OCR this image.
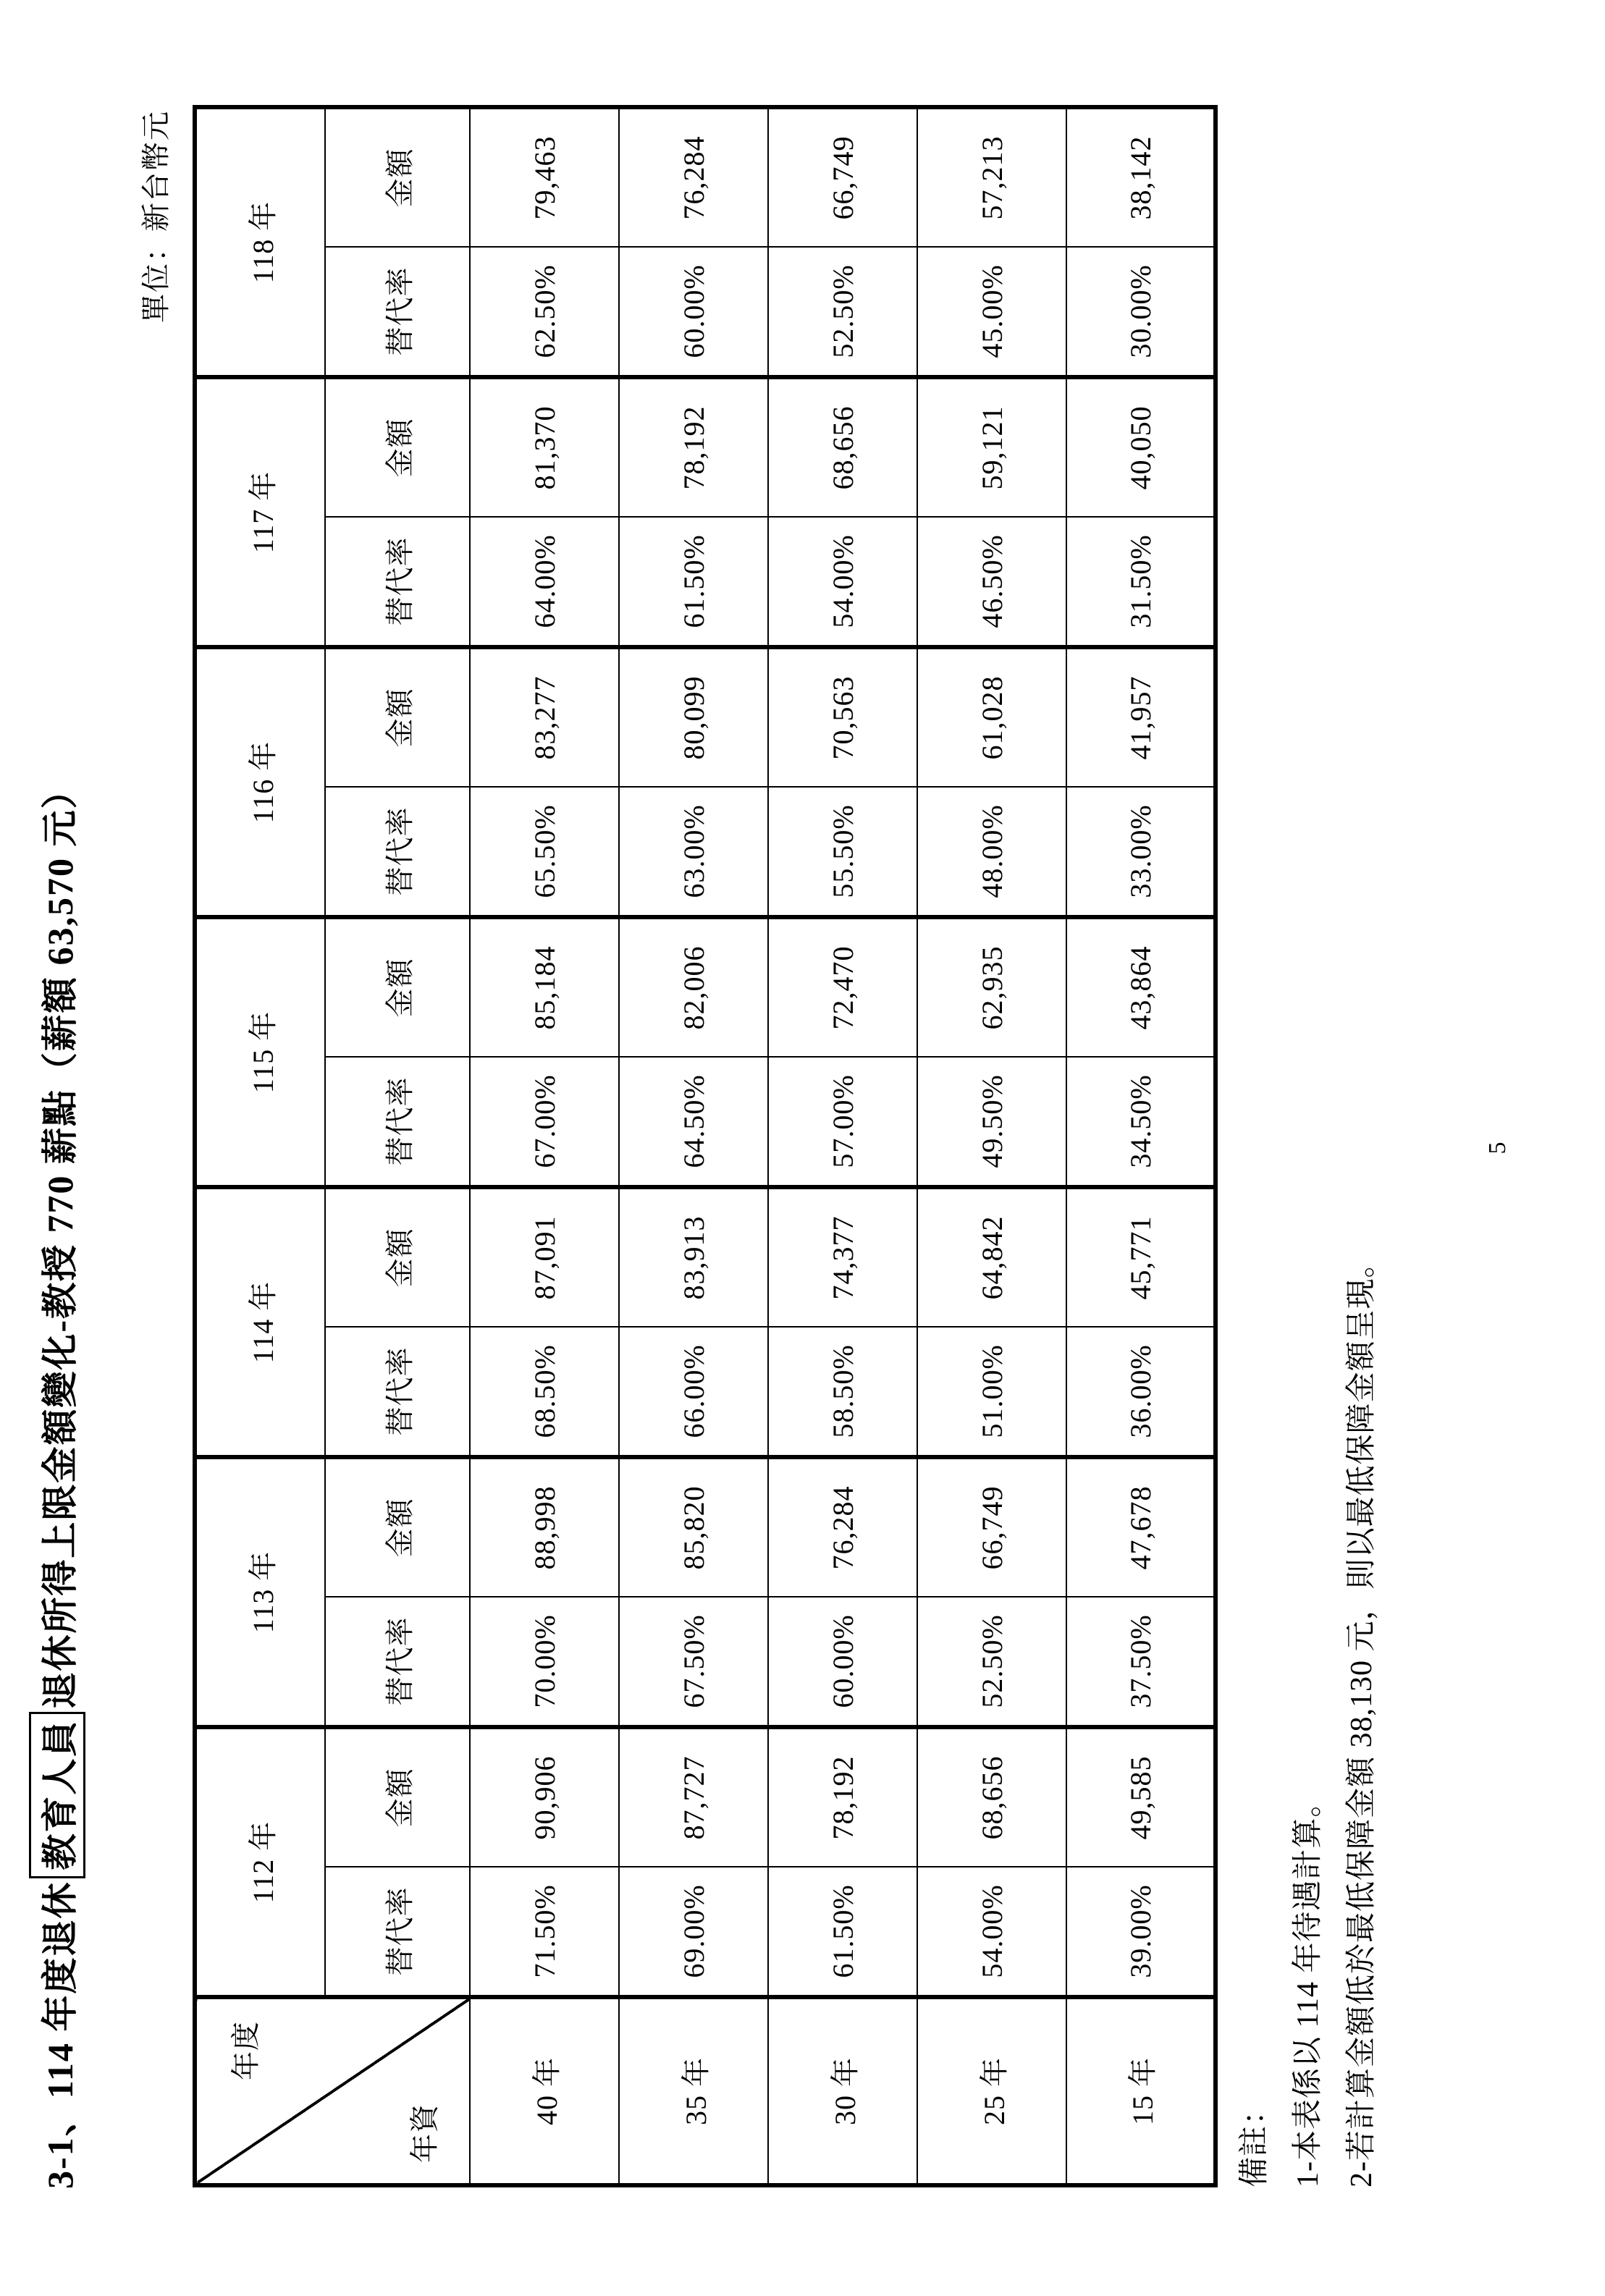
3-1、114 年度退休教育人員退休所得上限金額變化-教授 770 薪點（薪額 63,570 元）
單位：新台幣元
年度
年資	112 年		113 年		114 年		115 年		116 年		117 年		118 年	
	替代率	金額	替代率	金額	替代率	金額	替代率	金額	替代率	金額	替代率	金額	替代率	金額
40 年	71.50%	90,906	70.00%	88,998	68.50%	87,091	67.00%	85,184	65.50%	83,277	64.00%	81,370	62.50%	79,463
35 年	69.00%	87,727	67.50%	85,820	66.00%	83,913	64.50%	82,006	63.00%	80,099	61.50%	78,192	60.00%	76,284
30 年	61.50%	78,192	60.00%	76,284	58.50%	74,377	57.00%	72,470	55.50%	70,563	54.00%	68,656	52.50%	66,749
25 年	54.00%	68,656	52.50%	66,749	51.00%	64,842	49.50%	62,935	48.00%	61,028	46.50%	59,121	45.00%	57,213
15 年	39.00%	49,585	37.50%	47,678	36.00%	45,771	34.50%	43,864	33.00%	41,957	31.50%	40,050	30.00%	38,142
備註： 1-本表係以 114 年待遇計算。 2-若計算金額低於最低保障金額 38,130 元，則以最低保障金額呈現。
5
